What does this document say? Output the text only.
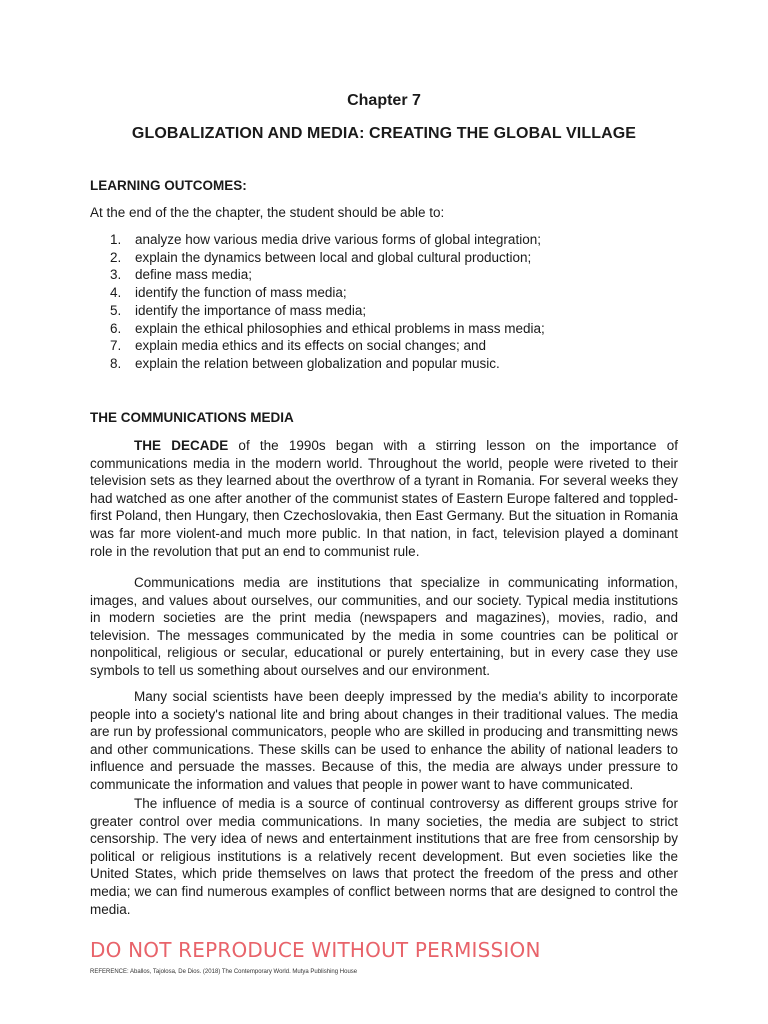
Chapter 7
GLOBALIZATION AND MEDIA: CREATING THE GLOBAL VILLAGE
LEARNING OUTCOMES:

At the end of the the chapter, the student should be able to:

1.	analyze how various media drive various forms of global integration;
2.	explain the dynamics between local and global cultural production;
3.	define mass media;
4.	identify the function of mass media;
5.	identify the importance of mass media;
6.	explain the ethical philosophies and ethical problems in mass media;
7.	explain media ethics and its effects on social changes; and
8.	explain the relation between globalization and popular music.
THE COMMUNICATIONS MEDIA

THE DECADE of the 1990s began with a stirring lesson on the importance of communications media in the modern world. Throughout the world, people were riveted to their television sets as they learned about the overthrow of a tyrant in Romania. For several weeks they had watched as one after another of the communist states of Eastern Europe faltered and toppled-first Poland, then Hungary, then Czechoslovakia, then East Germany. But the situation in Romania was far more violent-and much more public. In that nation, in fact, television played a dominant role in the revolution that put an end to communist rule.

Communications media are institutions that specialize in communicating information, images, and values about ourselves, our communities, and our society. Typical media institutions in modern societies are the print media (newspapers and magazines), movies, radio, and television. The messages communicated by the media in some countries can be political or nonpolitical, religious or secular, educational or purely entertaining, but in every case they use symbols to tell us something about ourselves and our environment.

Many social scientists have been deeply impressed by the media's ability to incorporate people into a society's national lite and bring about changes in their traditional values. The media are run by professional communicators, people who are skilled in producing and transmitting news and other communications. These skills can be used to enhance the ability of national leaders to influence and persuade the masses. Because of this, the media are always under pressure to communicate the information and values that people in power want to have communicated.

The influence of media is a source of continual controversy as different groups strive for greater control over media communications. In many societies, the media are subject to strict censorship. The very idea of news and entertainment institutions that are free from censorship by political or religious institutions is a relatively recent development. But even societies like the United States, which pride themselves on laws that protect the freedom of the press and other media; we can find numerous examples of conflict between norms that are designed to control the media.

DO NOT REPRODUCE WITHOUT PERMISSION

REFERENCE: Aballos, Tajolosa, De Dios. (2018) The Contemporary World. Mutya Publishing House
